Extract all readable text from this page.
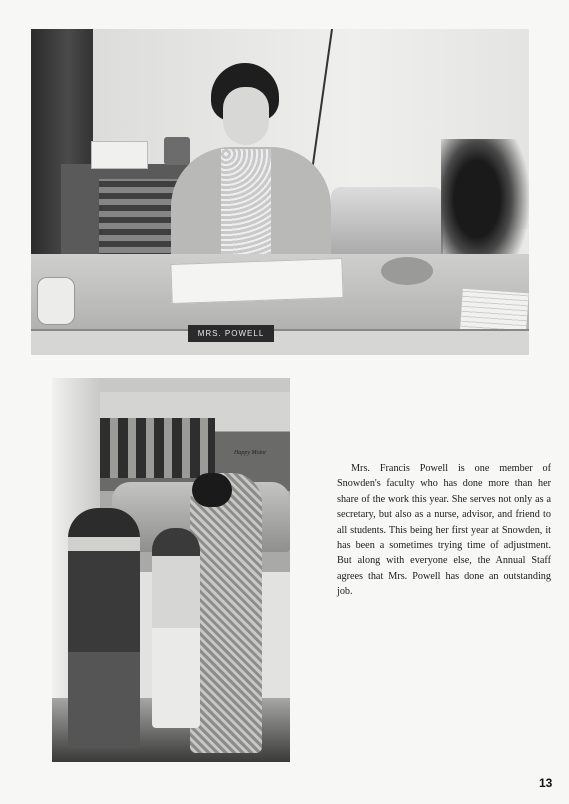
MRS. POWELL
Happy Motor

Mrs. Francis Powell is one member of Snowden's faculty who has done more than her share of the work this year. She serves not only as a secretary, but also as a nurse, advisor, and friend to all students. This being her first year at Snowden, it has been a sometimes trying time of adjustment. But along with everyone else, the Annual Staff agrees that Mrs. Powell has done an outstanding job.

13
